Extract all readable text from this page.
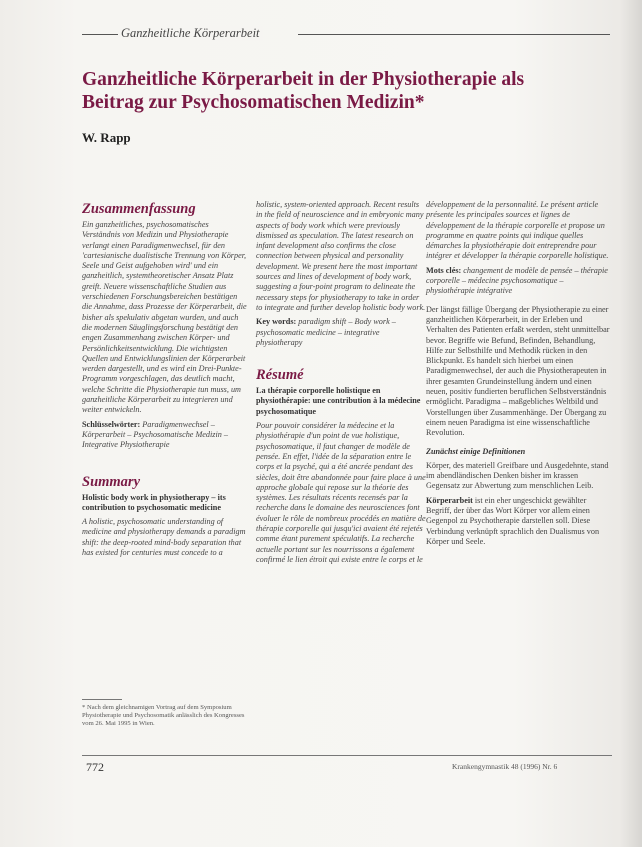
Ganzheitliche Körperarbeit
Ganzheitliche Körperarbeit in der Physiotherapie als Beitrag zur Psychosomatischen Medizin*
W. Rapp
Zusammenfassung
Ein ganzheitliches, psychosomatisches Verständnis von Medizin und Physiotherapie verlangt einen Paradigmenwechsel, für den 'cartesianische dualistische Trennung von Körper, Seele und Geist aufgehoben wird' und ein ganzheitlich, systemtheoretischer Ansatz Platz greift. Neuere wissenschaftliche Studien aus verschiedenen Forschungsbereichen bestätigen die Annahme, dass Prozesse der Körperarbeit, die bisher als spekulativ abgetan wurden, und auch die modernen Säuglingsforschung bestätigt den engen Zusammenhang zwischen Körper- und Persönlichkeitsentwicklung. Die wichtigsten Quellen und Entwicklungslinien der Körperarbeit werden dargestellt, und es wird ein Drei-Punkte-Programm vorgeschlagen, das deutlich macht, welche Schritte die Physiotherapie tun muss, um ganzheitliche Körperarbeit zu integrieren und weiter entwickeln.
Schlüsselwörter: Paradigmenwechsel – Körperarbeit – Psychosomatische Medizin – Integrative Physiotherapie
Summary
Holistic body work in physiotherapy – its contribution to psychosomatic medicine
A holistic, psychosomatic understanding of medicine and physiotherapy demands a paradigm shift: the deep-rooted mind-body separation that has existed for centuries must concede to a
holistic, system-oriented approach. Recent results in the field of neuroscience and in embryonic many aspects of body work which were previously dismissed as speculation. The latest research on infant development also confirms the close connection between physical and personality development. We present here the most important sources and lines of development of body work, suggesting a four-point program to delineate the necessary steps for physiotherapy to take in order to integrate and further develop holistic body work.
Key words: paradigm shift – Body work – psychosomatic medicine – integrative physiotherapy
Résumé
La thérapie corporelle holistique en physiothérapie: une contribution à la médecine psychosomatique
Pour pouvoir considérer la médecine et la physiothérapie d'un point de vue holistique, psychosomatique, il faut changer de modèle de pensée. En effet, l'idée de la séparation entre le corps et la psyché, qui a été ancrée pendant des siècles, doit être abandonnée pour faire place à une approche globale qui repose sur la théorie des systèmes. Les résultats récents recensés par la recherche dans le domaine des neurosciences font évoluer le rôle de nombreux procédés en matière de thérapie corporelle qui jusqu'ici avaient été rejetés comme étant purement spéculatifs. La recherche actuelle portant sur les nourrissons a également confirmé le lien étroit qui existe entre le corps et le
développement de la personnalité. Le présent article présente les principales sources et lignes de développement de la thérapie corporelle et propose un programme en quatre points qui indique quelles démarches la physiothérapie doit entreprendre pour intégrer et développer la thérapie corporelle holistique.
Mots clés: changement de modèle de pensée – thérapie corporelle – médecine psychosomatique – physiothérapie intégrative
Der längst fällige Übergang der Physiotherapie zu einer ganzheitlichen Körperarbeit, in der Erleben und Verhalten des Patienten erfaßt werden, steht unmittelbar bevor. Begriffe wie Befund, Befinden, Behandlung, Hilfe zur Selbsthilfe und Methodik rücken in den Blickpunkt. Es handelt sich hierbei um einen Paradigmenwechsel, der auch die Physiotherapeuten in ihrer gesamten Grundeinstellung ändern und einen neuen, positiv fundierten beruflichen Selbstverständnis ermöglicht. Paradigma – maßgebliches Weltbild und Vorstellungen über Zusammenhänge. Der Übergang zu einem neuen Paradigma ist eine wissenschaftliche Revolution.
Zunächst einige Definitionen
Körper, des materiell Greifbare und Ausgedehnte, stand im abendländischen Denken bisher im krassen Gegensatz zur Abwertung zum menschlichen Leib.
Körperarbeit ist ein eher ungeschickt gewählter Begriff, der über das Wort Körper vor allem einen Gegenpol zu Psychotherapie darstellen soll. Diese Verbindung verknüpft sprachlich den Dualismus von Körper und Seele.
* Nach dem gleichnamigen Vortrag auf dem Symposium Physiotherapie und Psychosomatik anlässlich des Kongresses vom 26. Mai 1995 in Wien.
772	Krankengymnastik 48 (1996) Nr. 6
